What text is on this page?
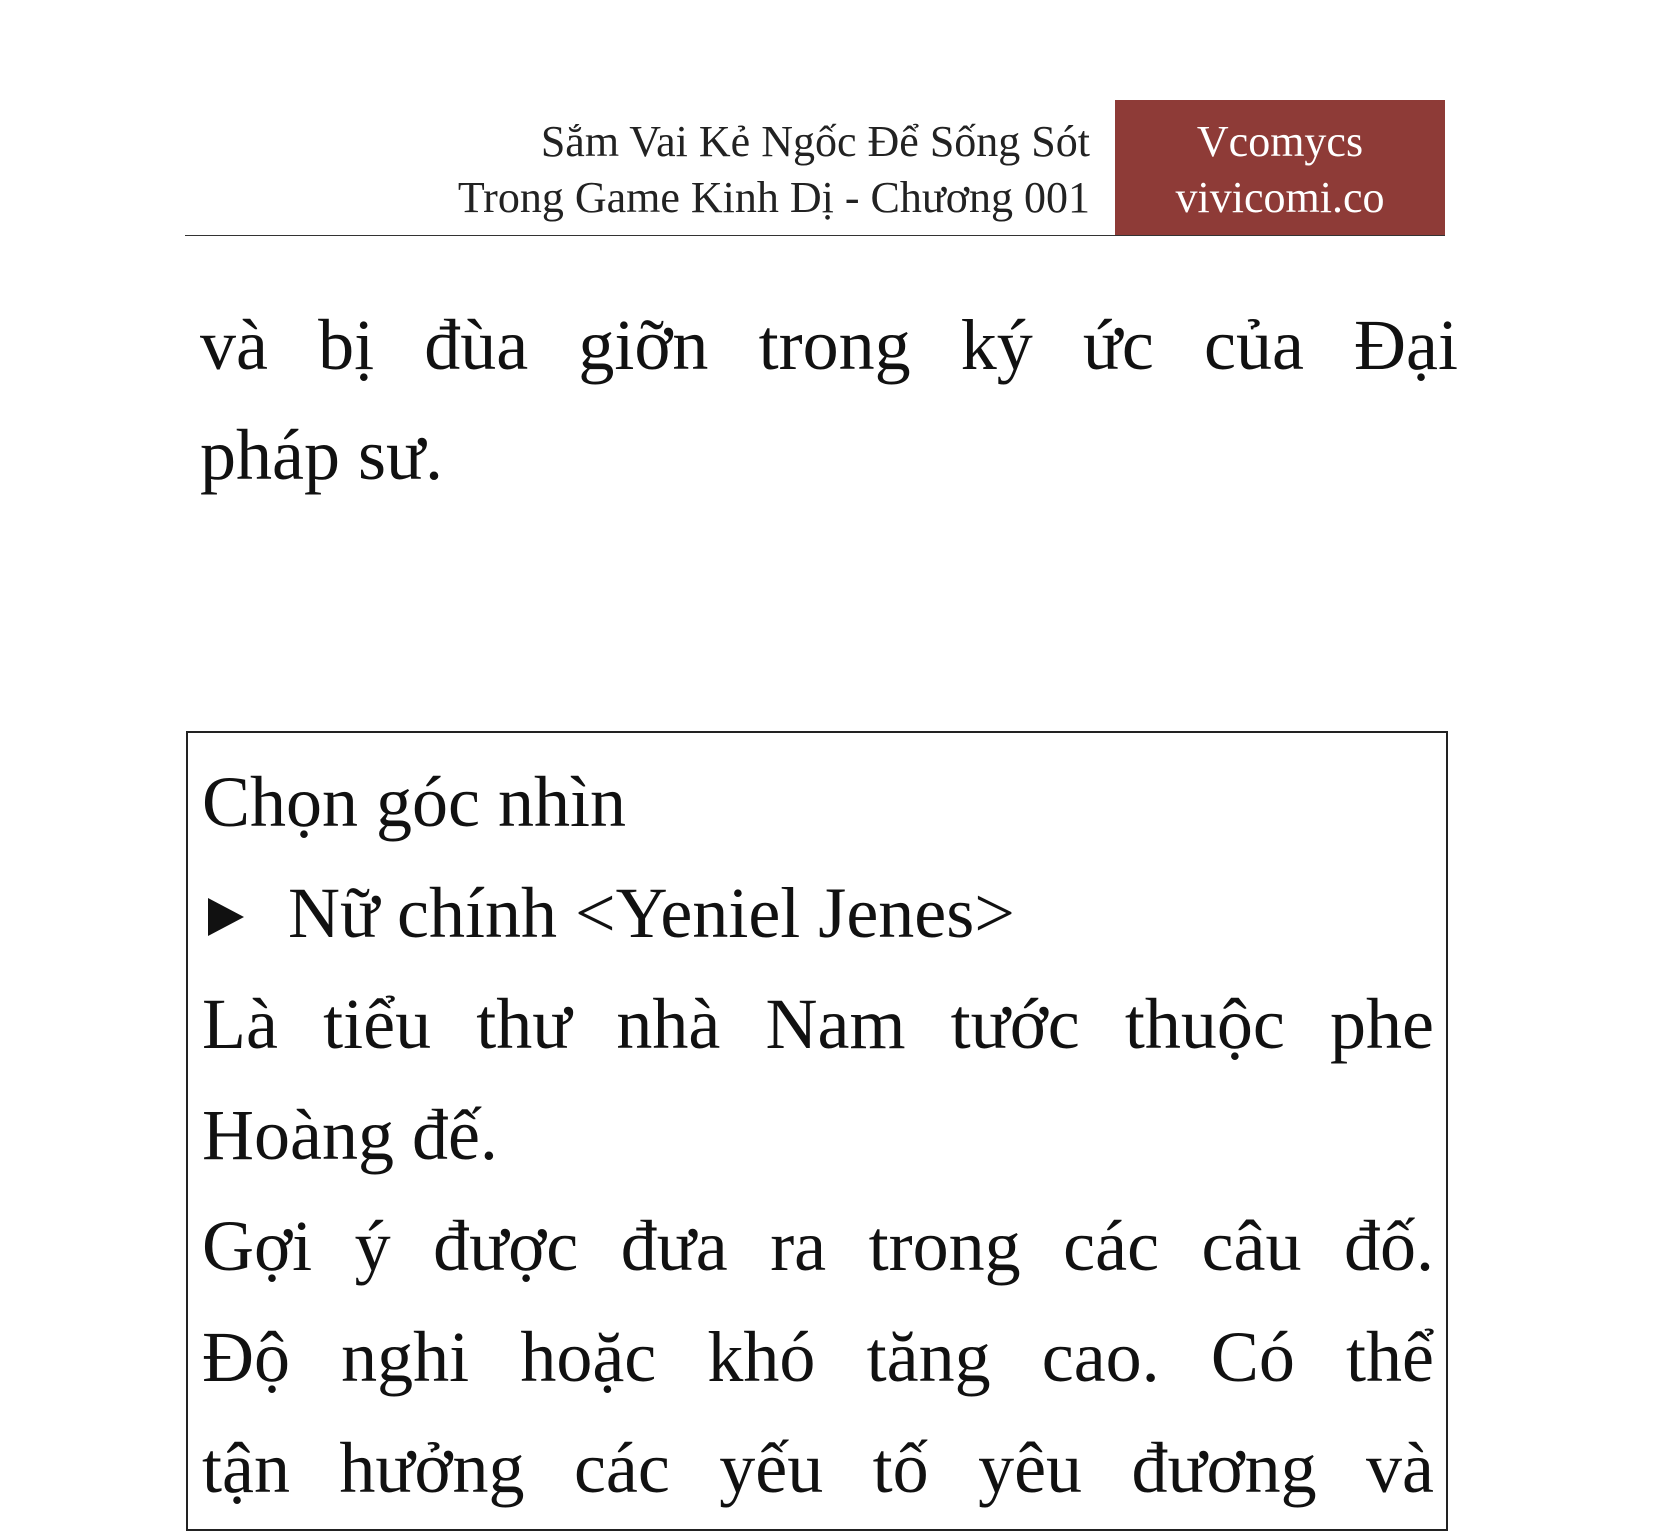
Sắm Vai Kẻ Ngốc Để Sống Sót
Trong Game Kinh Dị - Chương 001
Vcomycs
vivicomi.co
và bị đùa giỡn trong ký ức của Đại
pháp sư.
Chọn góc nhìn
Nữ chính <Yeniel Jenes>
Là tiểu thư nhà Nam tước thuộc phe
Hoàng đế.
Gợi ý được đưa ra trong các câu đố.
Độ nghi hoặc khó tăng cao. Có thể
tận hưởng các yếu tố yêu đương và
